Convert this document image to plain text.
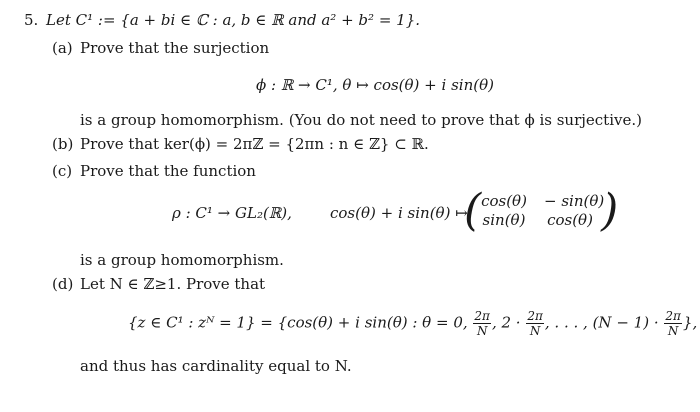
5. Let C¹ := {a + bi ∈ ℂ : a, b ∈ ℝ and a² + b² = 1}.
(a) Prove that the surjection
ϕ : ℝ → C¹, θ ↦ cos(θ) + i sin(θ)
is a group homomorphism. (You do not need to prove that ϕ is surjective.)
(b) Prove that ker(ϕ) = 2πℤ = {2πn : n ∈ ℤ} ⊂ ℝ.
(c) Prove that the function
ρ : C¹ → GL₂(ℝ),	cos(θ) + i sin(θ) ↦
( cos(θ) − sin(θ)
sin(θ)	cos(θ) )
is a group homomorphism.
(d) Let N ∈ ℤ≥1. Prove that
{z ∈ C¹ : zᴺ = 1} = {cos(θ) + i sin(θ) : θ = 0, $\frac{2\pi}{N}$ , $2 \cdot \frac{2\pi}{N}$ , . . . , $(N - 1) \cdot \frac{2\pi}{N}$ },
and thus has cardinality equal to N.
